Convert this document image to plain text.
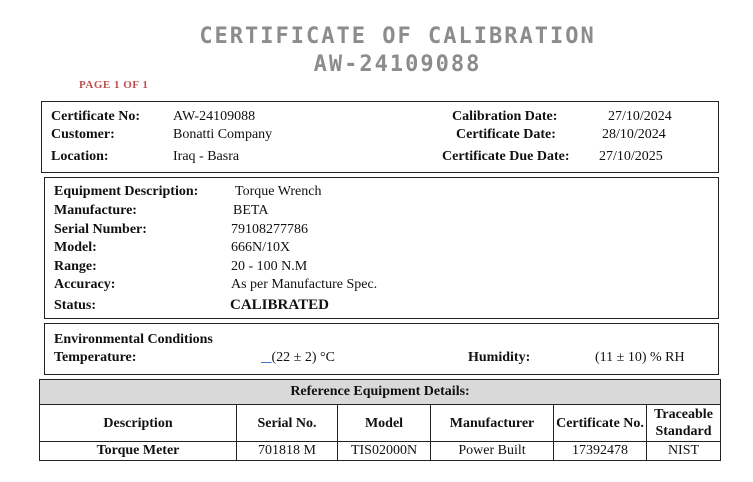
CERTIFICATE OF CALIBRATION
AW-24109088
PAGE 1 OF 1
Certificate No: AW-24109088
Customer:	Bonatti Company
Location:	Iraq - Basra
Calibration Date:	27/10/2024
Certificate Date:	28/10/2024
Certificate Due Date: 27/10/2025
Equipment Description:	Torque Wrench
Manufacture:	BETA
Serial Number:	79108277786
Model:	666N/10X
Range:	20 - 100 N.M
Accuracy:	As per Manufacture Spec.
Status:	CALIBRATED
Environmental Conditions
Temperature:	(22 ± 2) °C	Humidity:	(11 ± 10) % RH
Reference Equipment Details:					
Description	Serial No.	Model	Manufacturer	Certificate No.	Traceable Standard
Torque Meter	701818 M	TIS02000N	Power Built	17392478	NIST
